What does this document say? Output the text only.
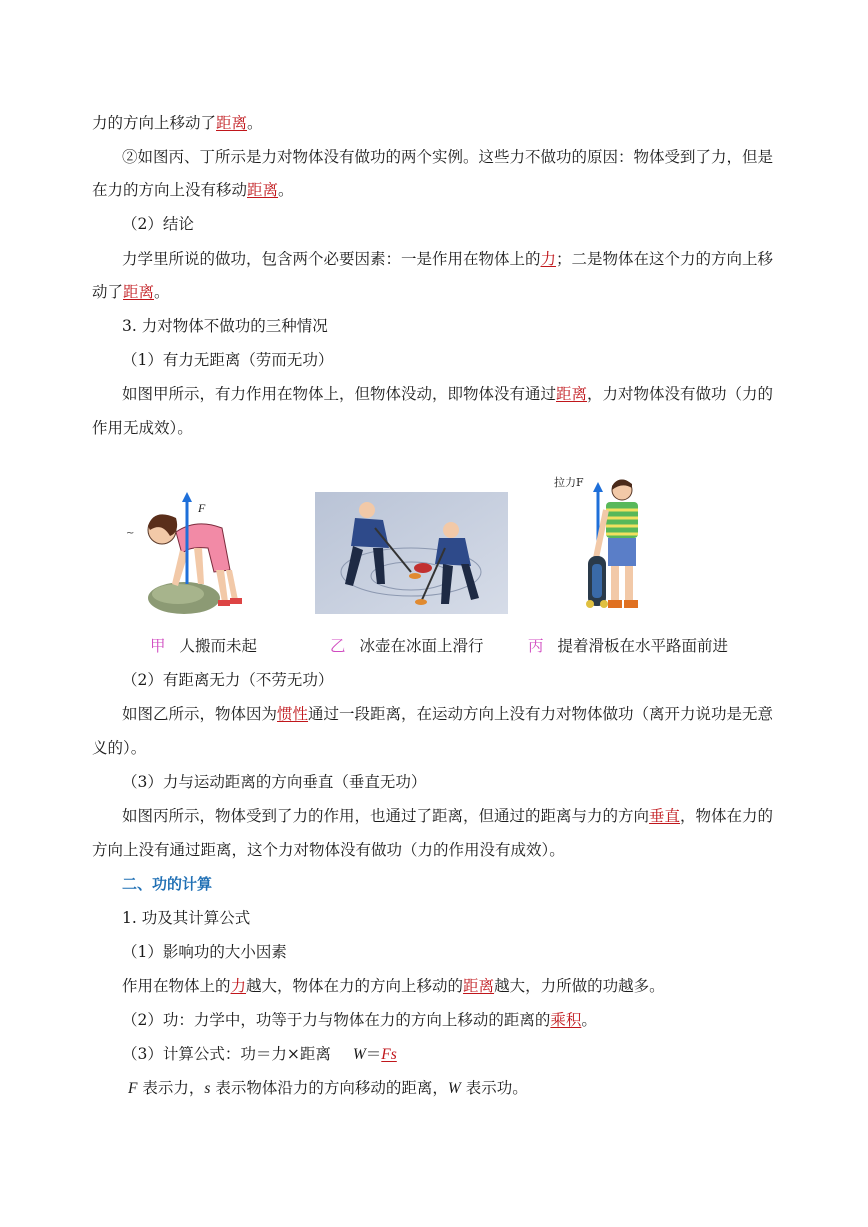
力的方向上移动了距离。
②如图丙、丁所示是力对物体没有做功的两个实例。这些力不做功的原因：物体受到了力，但是
在力的方向上没有移动距离。
（2）结论
力学里所说的做功，包含两个必要因素：一是作用在物体上的力；二是物体在这个力的方向上移
动了距离。
3. 力对物体不做功的三种情况
（1）有力无距离（劳而无功）
如图甲所示，有力作用在物体上，但物体没动，即物体没有通过距离，力对物体没有做功（力的
作用无成效）。
~
F
拉力F
甲 人搬而未起	乙 冰壶在冰面上滑行	丙 提着滑板在水平路面前进
（2）有距离无力（不劳无功）
如图乙所示，物体因为惯性通过一段距离，在运动方向上没有力对物体做功（离开力说功是无意
义的）。
（3）力与运动距离的方向垂直（垂直无功）
如图丙所示，物体受到了力的作用，也通过了距离，但通过的距离与力的方向垂直，物体在力的
方向上没有通过距离，这个力对物体没有做功（力的作用没有成效）。
二、功的计算
1. 功及其计算公式
（1）影响功的大小因素
作用在物体上的力越大，物体在力的方向上移动的距离越大，力所做的功越多。
（2）功：力学中，功等于力与物体在力的方向上移动的距离的乘积。
（3）计算公式：功＝力×距离 W＝Fs
F 表示力，s 表示物体沿力的方向移动的距离，W 表示功。
